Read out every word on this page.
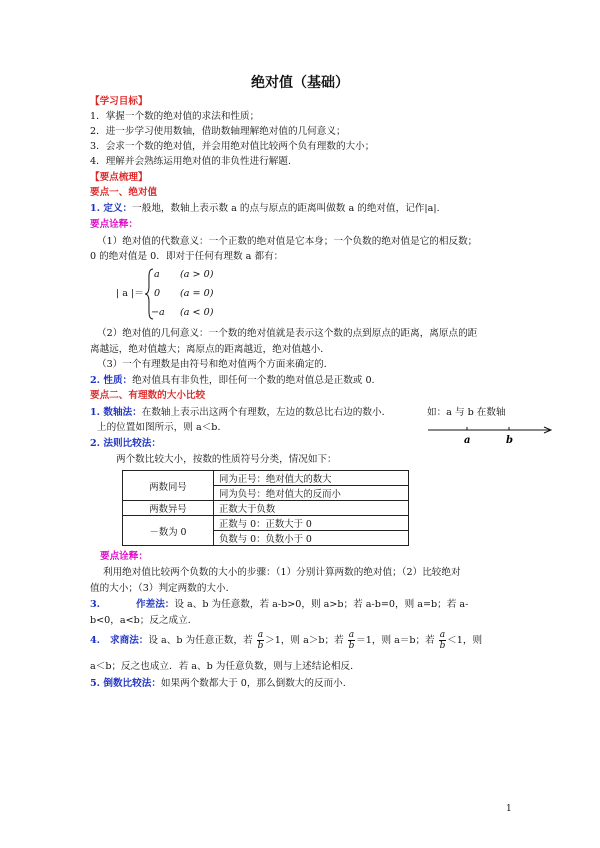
绝对值（基础）
【学习目标】
1．掌握一个数的绝对值的求法和性质；
2．进一步学习使用数轴，借助数轴理解绝对值的几何意义；
3．会求一个数的绝对值，并会用绝对值比较两个负有理数的大小；
4．理解并会熟练运用绝对值的非负性进行解题.
【要点梳理】
要点一、绝对值
1. 定义：一般地，数轴上表示数 a 的点与原点的距离叫做数 a 的绝对值，记作|a|.
要点诠释：
（1）绝对值的代数意义：一个正数的绝对值是它本身；一个负数的绝对值是它的相反数；
0 的绝对值是 0．即对于任何有理数 a 都有：
| a |＝
a (a > 0)
0 (a = 0)
−a (a < 0)
（2）绝对值的几何意义：一个数的绝对值就是表示这个数的点到原点的距离，离原点的距
离越远，绝对值越大；离原点的距离越近，绝对值越小．
（3）一个有理数是由符号和绝对值两个方面来确定的．
2. 性质：绝对值具有非负性，即任何一个数的绝对值总是正数或 0.
要点二、有理数的大小比较
1. 数轴法：在数轴上表示出这两个有理数，左边的数总比右边的数小．	如：a 与 b 在数轴
上的位置如图所示，则 a＜b．
a	b
2. 法则比较法：
两个数比较大小，按数的性质符号分类，情况如下：
两数同号	同为正号：绝对值大的数大
	同为负号：绝对值大的反而小
两数异号	正数大于负数
－数为 0	正数与 0：正数大于 0
	负数与 0：负数小于 0
要点诠释：
利用绝对值比较两个负数的大小的步骤：（1）分别计算两数的绝对值；（2）比较绝对
值的大小；（3）判定两数的大小．
3.	作差法：设 a、b 为任意数，若 a-b>0，则 a>b；若 a-b=0，则 a=b；若 a-
b<0，a<b；反之成立．
4. 求商法：设 a、b 为任意正数，若 $\frac{a}{b} >1$，则 a＞b；若 $\frac{a}{b} =1$，则 a＝b；若 $\frac{a}{b} <1$，则
a＜b；反之也成立．若 a、b 为任意负数，则与上述结论相反．
5. 倒数比较法：如果两个数都大于 0，那么倒数大的反而小.
1
